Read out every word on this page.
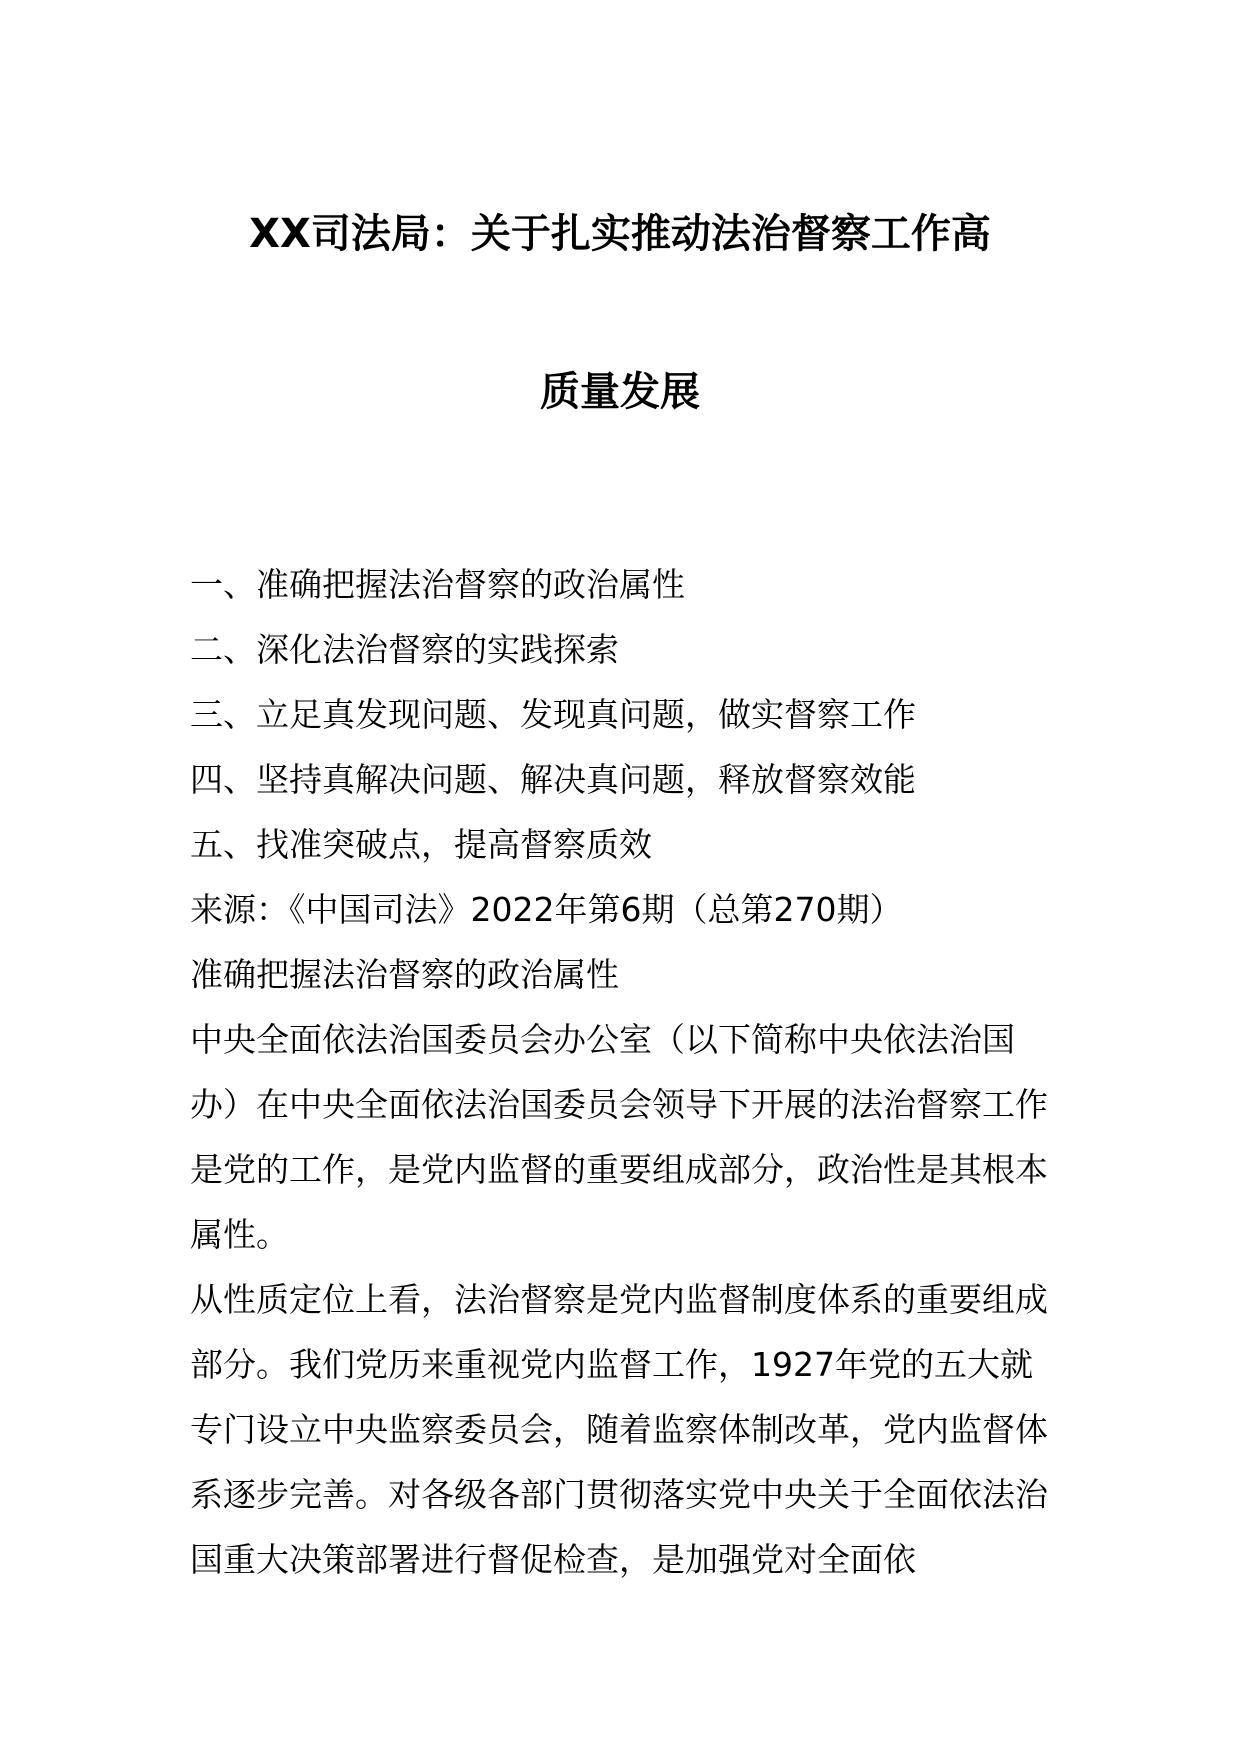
XX司法局：关于扎实推动法治督察工作高
质量发展

一、准确把握法治督察的政治属性

二、深化法治督察的实践探索

三、立足真发现问题、发现真问题，做实督察工作

四、坚持真解决问题、解决真问题，释放督察效能

五、找准突破点，提高督察质效

来源：《中国司法》2022年第6期（总第270期）

准确把握法治督察的政治属性

中央全面依法治国委员会办公室（以下简称中央依法治国办）在中央全面依法治国委员会领导下开展的法治督察工作是党的工作，是党内监督的重要组成部分，政治性是其根本属性。

从性质定位上看，法治督察是党内监督制度体系的重要组成部分。我们党历来重视党内监督工作，1927年党的五大就专门设立中央监察委员会，随着监察体制改革，党内监督体系逐步完善。对各级各部门贯彻落实党中央关于全面依法治国重大决策部署进行督促检查，是加强党对全面依
